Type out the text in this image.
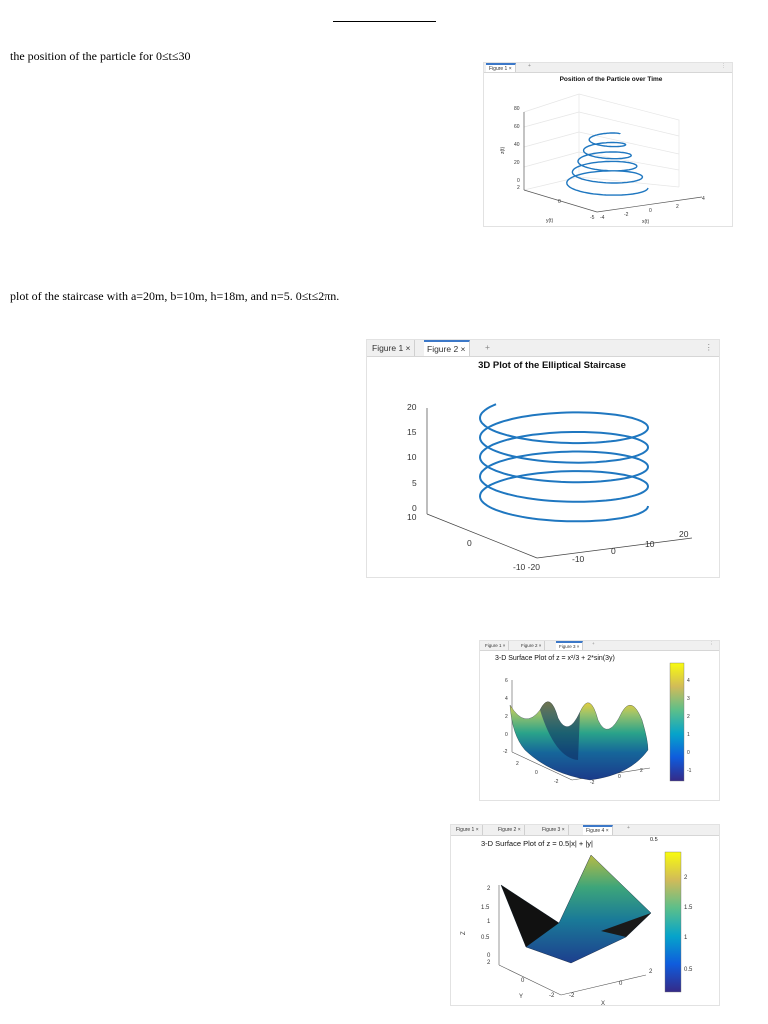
the position of the particle for 0≤t≤30
plot of the staircase with a=20m, b=10m, h=18m, and n=5. 0≤t≤2πn.
Figure 1 ×	+	⋮
Position of the Particle over Time
z(t)
80
60
40
20
0
2
0
-5
y(t)	-4	-2
0
2
4
x(t)
Figure 1 ×	Figure 2 ×	+	⋮
3D Plot of the Elliptical Staircase
20
15
10
5
0
10
0
-10 -20
-10
0
10
20
Figure 1 ×	Figure 2 ×	Figure 3 ×
+	⋮
3-D Surface Plot of z = x²/3 + 2*sin(3y)
6
4
2
0
-2
2
0
-2	-2
0
2
4
3
2
1
0
-1
Figure 1 ×	Figure 2 ×	Figure 3 ×	Figure 4 ×	+
3-D Surface Plot of z = 0.5|x| + |y|	0.5
Z
2
1.5
1
0.5
0
2
0
-2
Y	-2
0
2
X
2
1.5
1
0.5
